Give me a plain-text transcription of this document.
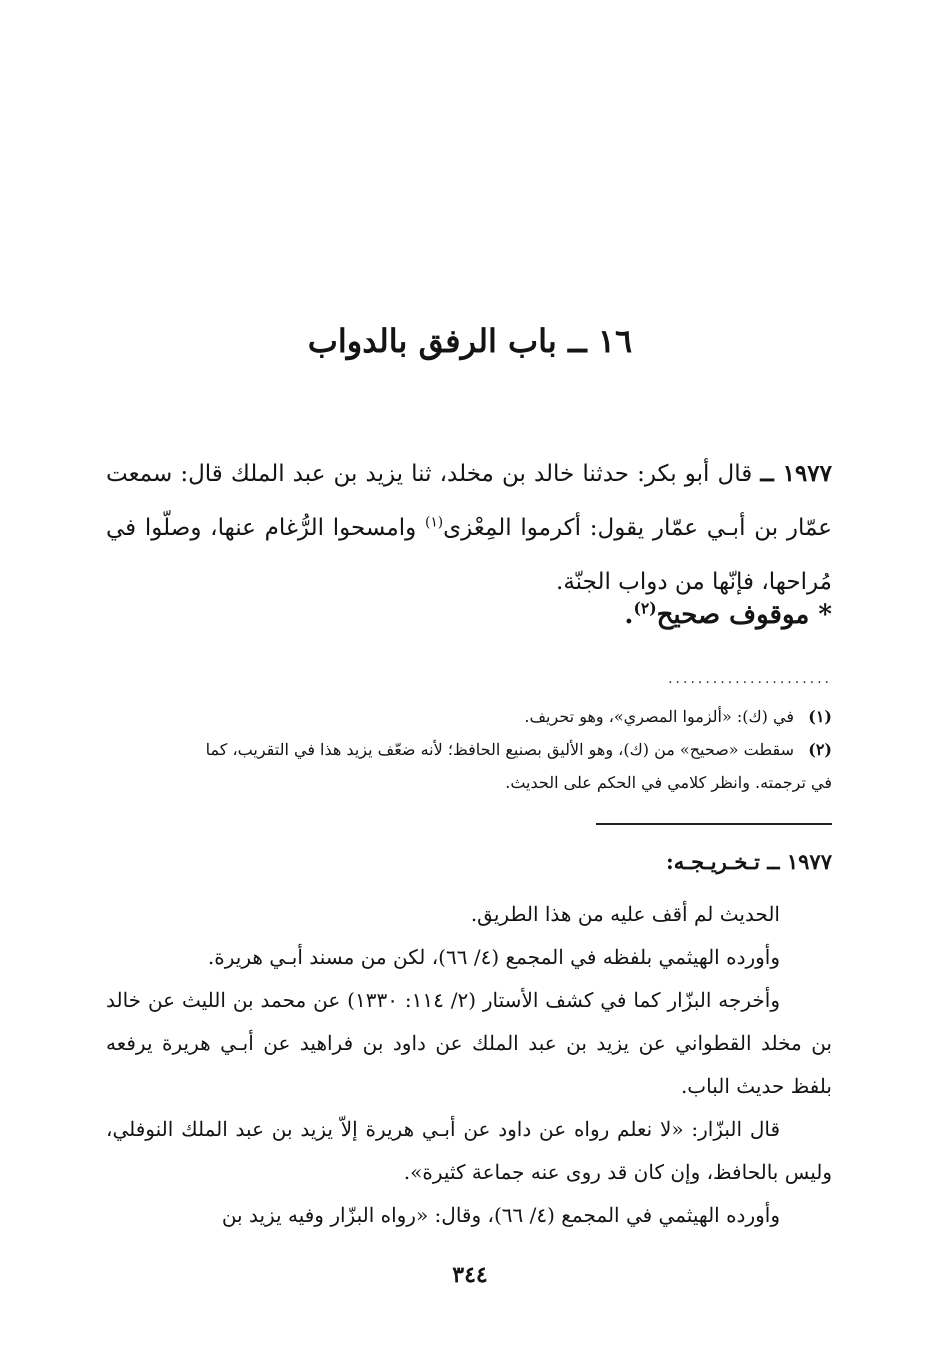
١٦ ــ باب الرفق بالدواب

١٩٧٧ ــ قال أبو بكر: حدثنا خالد بن مخلد، ثنا يزيد بن عبد الملك قال: سمعت عمّار بن أبـي عمّار يقول: أكرموا المِعْزى$^{(١)}$ وامسحوا الرُّغام عنها، وصلّوا في مُراحها، فإنّها من دواب الجنّة.

* موقوف صحيح$^{(٢)}$.

......................

(١)في (ك): «ألزموا المصري»، وهو تحريف.

(٢)سقطت «صحيح» من (ك)، وهو الأليق بصنيع الحافظ؛ لأنه ضعّف يزيد هذا في التقريب، كما

في ترجمته. وانظر كلامي في الحكم على الحديث.

١٩٧٧ ــ تـخـريـجـه:

الحديث لم أقف عليه من هذا الطريق.

وأورده الهيثمي بلفظه في المجمع (٤/ ٦٦)، لكن من مسند أبـي هريرة.

وأخرجه البزّار كما في كشف الأستار (٢/ ١١٤: ١٣٣٠) عن محمد بن الليث عن خالد بن مخلد القطواني عن يزيد بن عبد الملك عن داود بن فراهيد عن أبـي هريرة يرفعه بلفظ حديث الباب.

قال البزّار: «لا نعلم رواه عن داود عن أبـي هريرة إلاّ يزيد بن عبد الملك النوفلي، وليس بالحافظ، وإن كان قد روى عنه جماعة كثيرة».

وأورده الهيثمي في المجمع (٤/ ٦٦)، وقال: «رواه البزّار وفيه يزيد بن

٣٤٤
